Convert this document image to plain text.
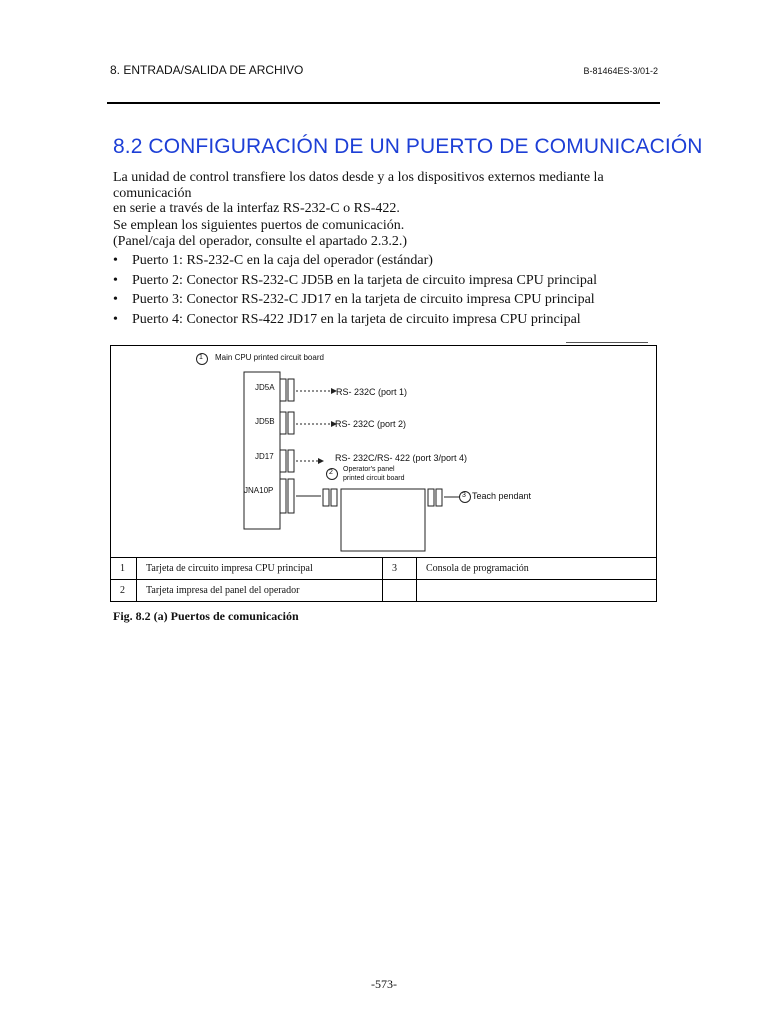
8. ENTRADA/SALIDA DE ARCHIVO	B-81464ES-3/01-2
8.2 CONFIGURACIÓN DE UN PUERTO DE COMUNICACIÓN
La unidad de control transfiere los datos desde y a los dispositivos externos mediante la comunicación
en serie a través de la interfaz RS-232-C o RS-422.
Se emplean los siguientes puertos de comunicación.
(Panel/caja del operador, consulte el apartado 2.3.2.)
• Puerto 1: RS-232-C en la caja del operador (estándar)
• Puerto 2: Conector RS-232-C JD5B en la tarjeta de circuito impresa CPU principal
• Puerto 3: Conector RS-232-C JD17 en la tarjeta de circuito impresa CPU principal
• Puerto 4: Conector RS-422 JD17 en la tarjeta de circuito impresa CPU principal
1 Main CPU printed circuit board
JD5A
JD5B
JD17
JNA10P
RS- 232C (port 1)
RS- 232C (port 2)
RS- 232C/RS- 422 (port 3/port 4)
2 Operator's panel
printed circuit board
3 Teach pendant
1	Tarjeta de circuito impresa CPU principal	3	Consola de programación
2	Tarjeta impresa del panel del operador		
Fig. 8.2 (a) Puertos de comunicación
-573-
